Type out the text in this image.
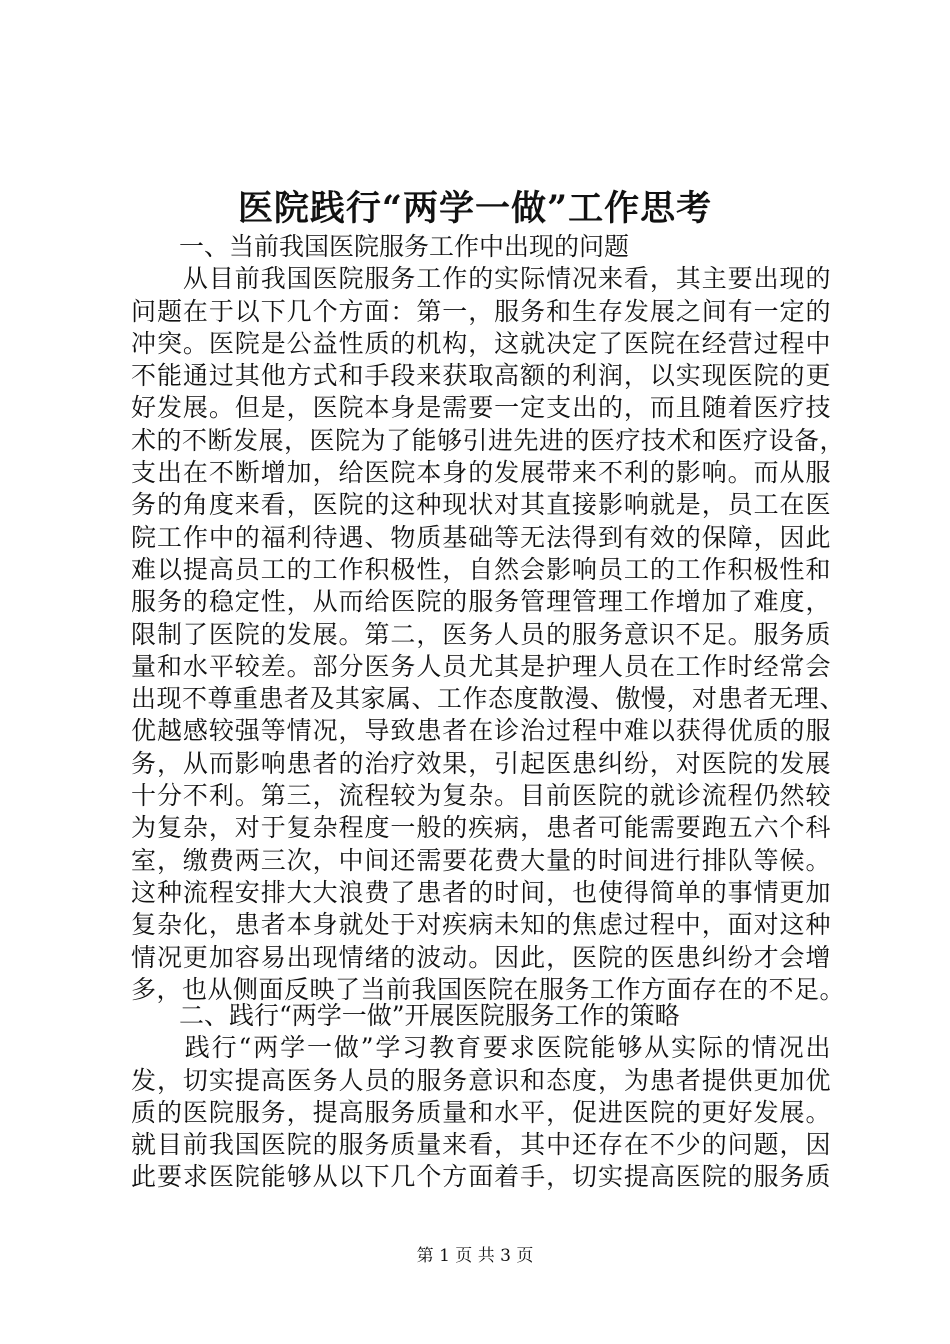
医院践行“两学一做”工作思考
一、当前我国医院服务工作中出现的问题
　　从目前我国医院服务工作的实际情况来看，其主要出现的
问题在于以下几个方面：第一，服务和生存发展之间有一定的
冲突。医院是公益性质的机构，这就决定了医院在经营过程中
不能通过其他方式和手段来获取高额的利润，以实现医院的更
好发展。但是，医院本身是需要一定支出的，而且随着医疗技
术的不断发展，医院为了能够引进先进的医疗技术和医疗设备，
支出在不断增加，给医院本身的发展带来不利的影响。而从服
务的角度来看，医院的这种现状对其直接影响就是，员工在医
院工作中的福利待遇、物质基础等无法得到有效的保障，因此
难以提高员工的工作积极性，自然会影响员工的工作积极性和
服务的稳定性，从而给医院的服务管理管理工作增加了难度，
限制了医院的发展。第二，医务人员的服务意识不足。服务质
量和水平较差。部分医务人员尤其是护理人员在工作时经常会
出现不尊重患者及其家属、工作态度散漫、傲慢，对患者无理、
优越感较强等情况，导致患者在诊治过程中难以获得优质的服
务，从而影响患者的治疗效果，引起医患纠纷，对医院的发展
十分不利。第三，流程较为复杂。目前医院的就诊流程仍然较
为复杂，对于复杂程度一般的疾病，患者可能需要跑五六个科
室，缴费两三次，中间还需要花费大量的时间进行排队等候。
这种流程安排大大浪费了患者的时间，也使得简单的事情更加
复杂化，患者本身就处于对疾病未知的焦虑过程中，面对这种
情况更加容易出现情绪的波动。因此，医院的医患纠纷才会增
多，也从侧面反映了当前我国医院在服务工作方面存在的不足。
二、践行“两学一做”开展医院服务工作的策略
　　践行“两学一做”学习教育要求医院能够从实际的情况出
发，切实提高医务人员的服务意识和态度，为患者提供更加优
质的医院服务，提高服务质量和水平，促进医院的更好发展。
就目前我国医院的服务质量来看，其中还存在不少的问题，因
此要求医院能够从以下几个方面着手，切实提高医院的服务质
第 1 页 共 3 页
